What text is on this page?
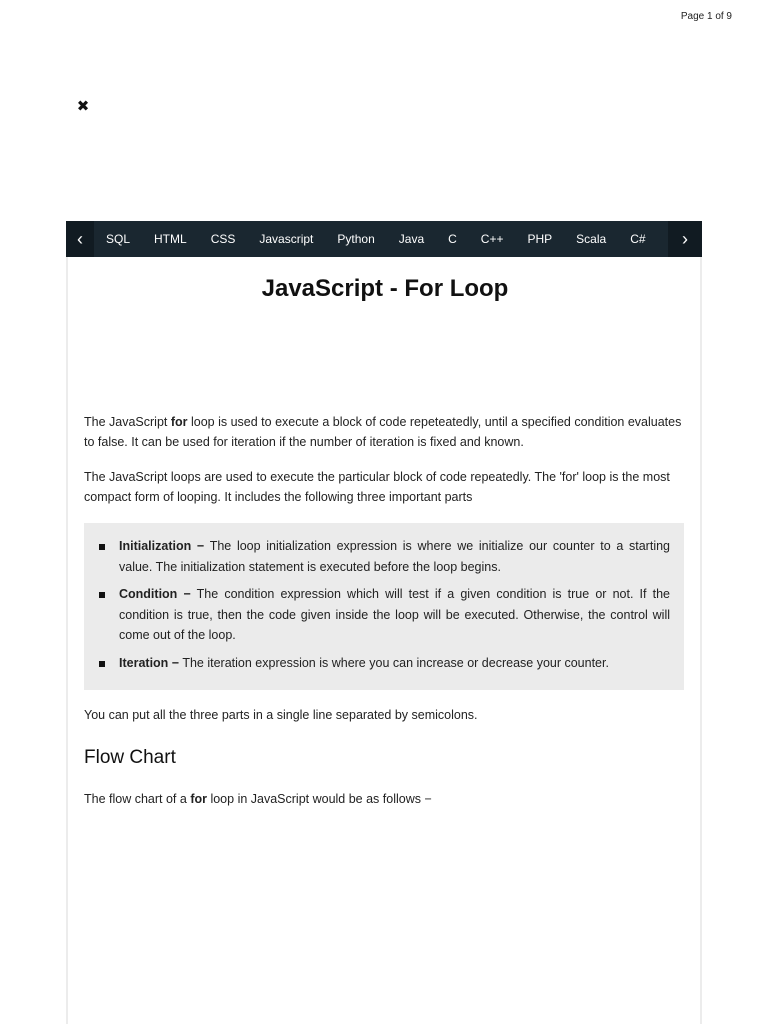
Page 1 of 9
✖
‹	SQL	HTML	CSS	Javascript	Python	Java	C	C++	PHP	Scala	C#	›
JavaScript - For Loop

The JavaScript for loop is used to execute a block of code repeteatedly, until a specified condition evaluates to false. It can be used for iteration if the number of iteration is fixed and known.

The JavaScript loops are used to execute the particular block of code repeatedly. The 'for' loop is the most compact form of looping. It includes the following three important parts

Initialization − The loop initialization expression is where we initialize our counter to a starting value. The initialization statement is executed before the loop begins.
Condition − The condition expression which will test if a given condition is true or not. If the condition is true, then the code given inside the loop will be executed. Otherwise, the control will come out of the loop.
Iteration − The iteration expression is where you can increase or decrease your counter.

You can put all the three parts in a single line separated by semicolons.

Flow Chart

The flow chart of a for loop in JavaScript would be as follows −
